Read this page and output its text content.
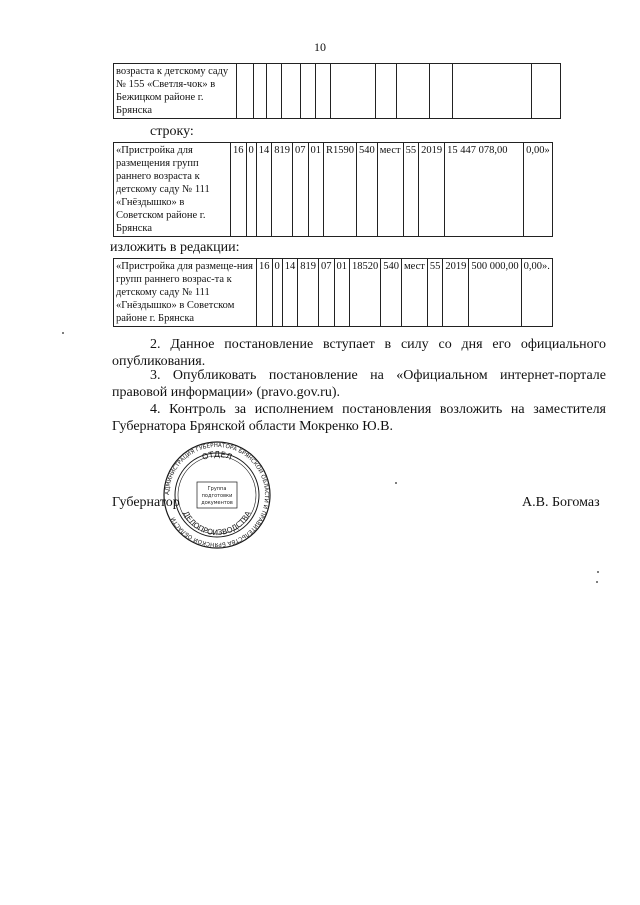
10
возраста к детскому саду № 155 «Светля-чок» в Бежицком районе г. Брянска												
строку:
«Пристройка для размещения групп раннего возраста к детскому саду № 111 «Гнёздышко» в Советском районе г. Брянска	16	0	14	819	07	01	R1590	540	мест	55	2019	15 447 078,00	0,00»
изложить в редакции:
«Пристройка для размеще-ния групп раннего возрас-та к детскому саду № 111 «Гнёздышко» в Советском районе г. Брянска	16	0	14	819	07	01	18520	540	мест	55	2019	500 000,00	0,00».
2. Данное постановление вступает в силу со дня его официального опубликования.
3. Опубликовать постановление на «Официальном интернет-портале правовой информации» (pravo.gov.ru).
4. Контроль за исполнением постановления возложить на заместителя Губернатора Брянской области Мокренко Ю.В.
АДМИНИСТРАЦИЯ ГУБЕРНАТОРА БРЯНСКОЙ ОБЛАСТИ И ПРАВИТЕЛЬСТВА БРЯНСКОЙ ОБЛАСТИ
ОТДЕЛ
ДЕЛОПРОИЗВОДСТВА
Группа
подготовки
документов
Губернатор	А.В. Богомаз
